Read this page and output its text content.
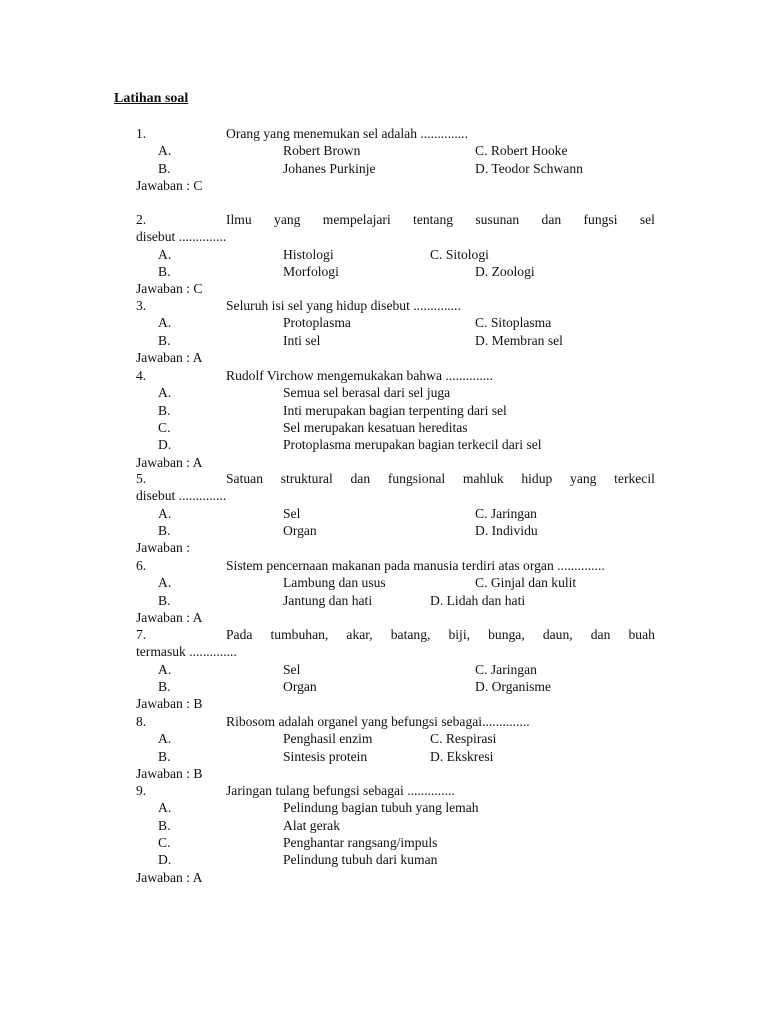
Latihan soal
1.	Orang yang menemukan sel adalah ..............
A.	Robert Brown	C. Robert Hooke
B.	Johanes Purkinje	D. Teodor Schwann
Jawaban : C
2.	Ilmu yang mempelajari tentang susunan dan fungsi sel
disebut ..............
A.	Histologi	C. Sitologi
B.	Morfologi	D. Zoologi
Jawaban : C
3.	Seluruh isi sel yang hidup disebut ..............
A.	Protoplasma	C. Sitoplasma
B.	Inti sel	D. Membran sel
Jawaban : A
4.	Rudolf Virchow mengemukakan bahwa ..............
A.	Semua sel berasal dari sel juga
B.	Inti merupakan bagian terpenting dari sel
C.	Sel merupakan kesatuan hereditas
D.	Protoplasma merupakan bagian terkecil dari sel
Jawaban : A
5.	Satuan struktural dan fungsional mahluk hidup yang terkecil
disebut ..............
A.	Sel	C. Jaringan
B.	Organ	D. Individu
Jawaban :
6.	Sistem pencernaan makanan pada manusia terdiri atas organ ..............
A.	Lambung dan usus	C. Ginjal dan kulit
B.	Jantung dan hati	D. Lidah dan hati
Jawaban : A
7.	Pada tumbuhan, akar, batang, biji, bunga, daun, dan buah
termasuk ..............
A.	Sel	C. Jaringan
B.	Organ	D. Organisme
Jawaban : B
8.	Ribosom adalah organel yang befungsi sebagai..............
A.	Penghasil enzim	C. Respirasi
B.	Sintesis protein	D. Ekskresi
Jawaban : B
9.	Jaringan tulang befungsi sebagai ..............
A.	Pelindung bagian tubuh yang lemah
B.	Alat gerak
C.	Penghantar rangsang/impuls
D.	Pelindung tubuh dari kuman
Jawaban : A
